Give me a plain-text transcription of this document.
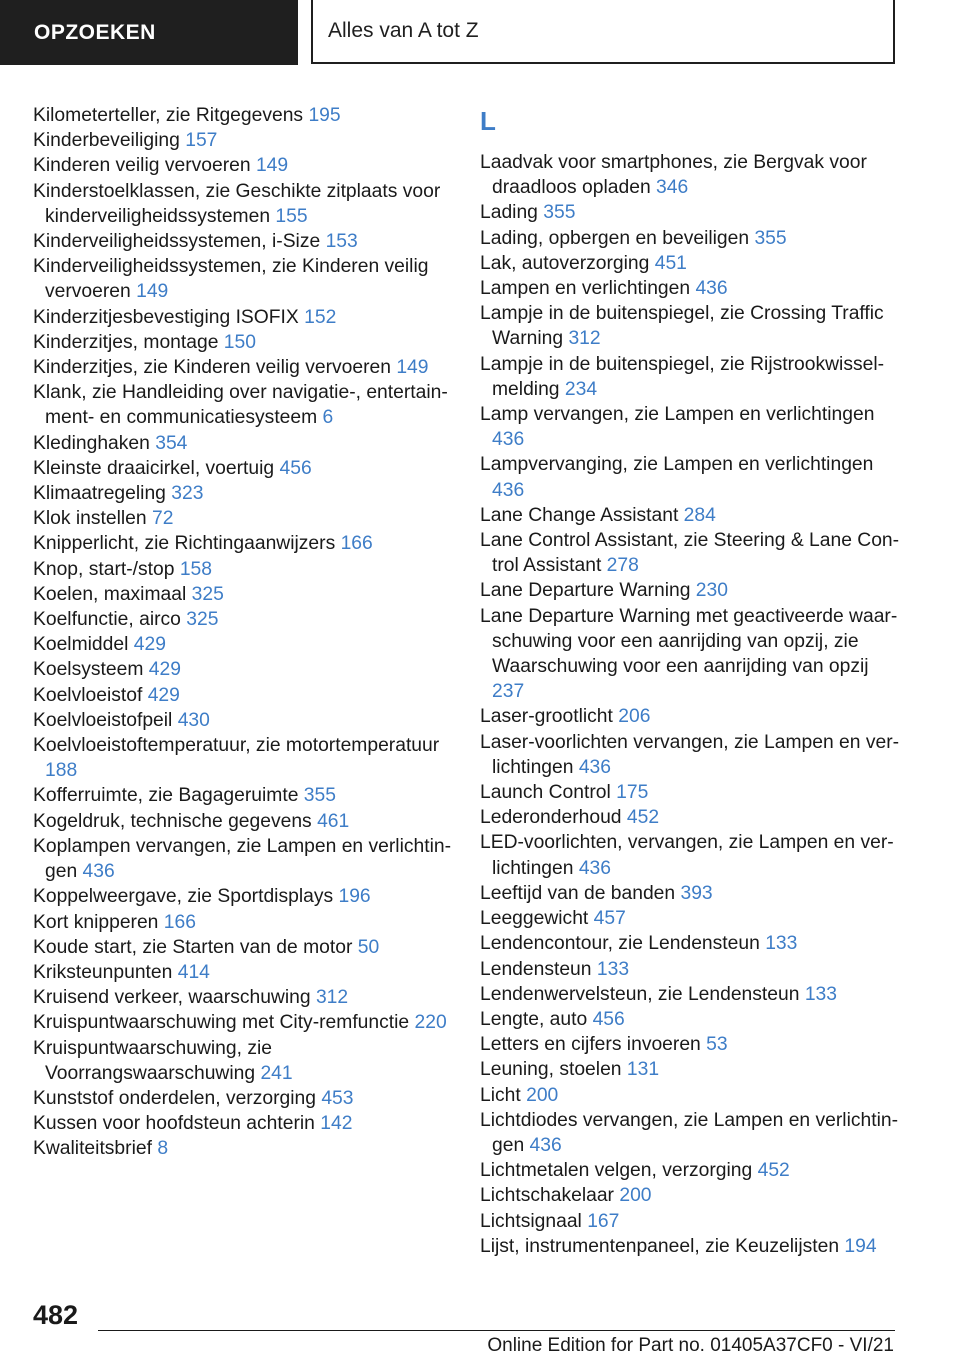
OPZOEKEN	Alles van A tot Z
Kilometerteller, zie Ritgegevens 195
Kinderbeveiliging 157
Kinderen veilig vervoeren 149
Kinderstoelklassen, zie Geschikte zitplaats voor kinderveiligheidssystemen 155
Kinderveiligheidssystemen, i-Size 153
Kinderveiligheidssystemen, zie Kinderen veilig vervoeren 149
Kinderzitjesbevestiging ISOFIX 152
Kinderzitjes, montage 150
Kinderzitjes, zie Kinderen veilig vervoeren 149
Klank, zie Handleiding over navigatie-, entertainment- en communicatiesysteem 6
Kledinghaken 354
Kleinste draaicirkel, voertuig 456
Klimaatregeling 323
Klok instellen 72
Knipperlicht, zie Richtingaanwijzers 166
Knop, start-/stop 158
Koelen, maximaal 325
Koelfunctie, airco 325
Koelmiddel 429
Koelsysteem 429
Koelvloeistof 429
Koelvloeistofpeil 430
Koelvloeistoftemperatuur, zie motortemperatuur 188
Kofferruimte, zie Bagageruimte 355
Kogeldruk, technische gegevens 461
Koplampen vervangen, zie Lampen en verlichtingen 436
Koppelweergave, zie Sportdisplays 196
Kort knipperen 166
Koude start, zie Starten van de motor 50
Kriksteunpunten 414
Kruisend verkeer, waarschuwing 312
Kruispuntwaarschuwing met City-remfunctie 220
Kruispuntwaarschuwing, zie Voorrangswaarschuwing 241
Kunststof onderdelen, verzorging 453
Kussen voor hoofdsteun achterin 142
Kwaliteitsbrief 8
L
Laadvak voor smartphones, zie Bergvak voor draadloos opladen 346
Lading 355
Lading, opbergen en beveiligen 355
Lak, autoverzorging 451
Lampen en verlichtingen 436
Lampje in de buitenspiegel, zie Crossing Traffic Warning 312
Lampje in de buitenspiegel, zie Rijstrookwisselmelding 234
Lamp vervangen, zie Lampen en verlichtingen 436
Lampvervanging, zie Lampen en verlichtingen 436
Lane Change Assistant 284
Lane Control Assistant, zie Steering & Lane Control Assistant 278
Lane Departure Warning 230
Lane Departure Warning met geactiveerde waarschuwing voor een aanrijding van opzij, zie Waarschuwing voor een aanrijding van opzij 237
Laser-grootlicht 206
Laser-voorlichten vervangen, zie Lampen en verlichtingen 436
Launch Control 175
Lederonderhoud 452
LED-voorlichten, vervangen, zie Lampen en verlichtingen 436
Leeftijd van de banden 393
Leeggewicht 457
Lendencontour, zie Lendensteun 133
Lendensteun 133
Lendenwervelsteun, zie Lendensteun 133
Lengte, auto 456
Letters en cijfers invoeren 53
Leuning, stoelen 131
Licht 200
Lichtdiodes vervangen, zie Lampen en verlichtingen 436
Lichtmetalen velgen, verzorging 452
Lichtschakelaar 200
Lichtsignaal 167
Lijst, instrumentenpaneel, zie Keuzelijsten 194
482
Online Edition for Part no. 01405A37CF0 - VI/21
